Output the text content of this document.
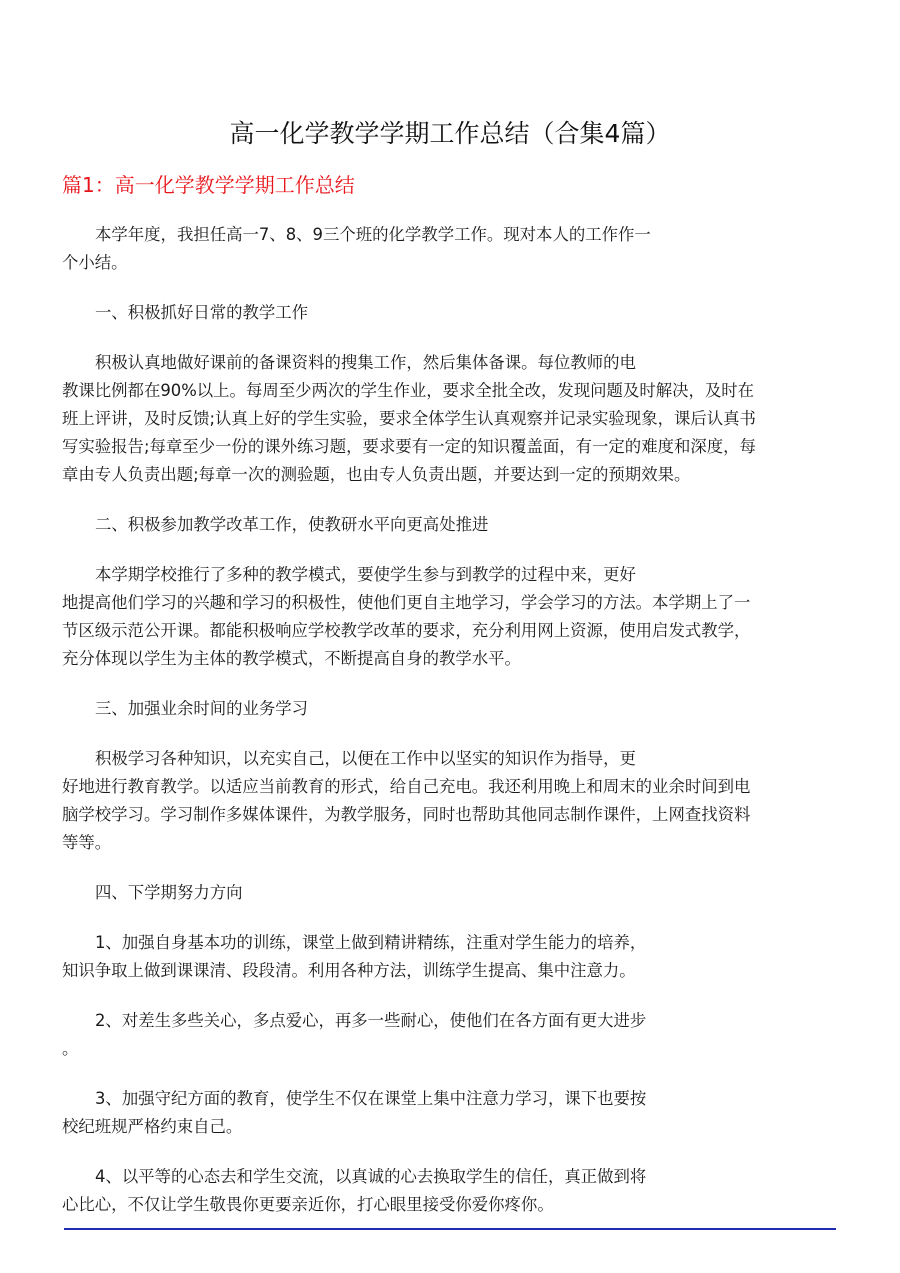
高一化学教学学期工作总结（合集4篇）
篇1：高一化学教学学期工作总结

本学年度，我担任高一7、8、9三个班的化学教学工作。现对本人的工作作一
个小结。

一、积极抓好日常的教学工作

积极认真地做好课前的备课资料的搜集工作，然后集体备课。每位教师的电
教课比例都在90%以上。每周至少两次的学生作业，要求全批全改，发现问题及时解决，及时在
班上评讲，及时反馈;认真上好的学生实验，要求全体学生认真观察并记录实验现象，课后认真书
写实验报告;每章至少一份的课外练习题，要求要有一定的知识覆盖面，有一定的难度和深度，每
章由专人负责出题;每章一次的测验题，也由专人负责出题，并要达到一定的预期效果。

二、积极参加教学改革工作，使教研水平向更高处推进

本学期学校推行了多种的教学模式，要使学生参与到教学的过程中来，更好
地提高他们学习的兴趣和学习的积极性，使他们更自主地学习，学会学习的方法。本学期上了一
节区级示范公开课。都能积极响应学校教学改革的要求，充分利用网上资源，使用启发式教学，
充分体现以学生为主体的教学模式，不断提高自身的教学水平。

三、加强业余时间的业务学习

积极学习各种知识，以充实自己，以便在工作中以坚实的知识作为指导，更
好地进行教育教学。以适应当前教育的形式，给自己充电。我还利用晚上和周末的业余时间到电
脑学校学习。学习制作多媒体课件，为教学服务，同时也帮助其他同志制作课件，上网查找资料
等等。

四、下学期努力方向

1、加强自身基本功的训练，课堂上做到精讲精练，注重对学生能力的培养，
知识争取上做到课课清、段段清。利用各种方法，训练学生提高、集中注意力。

2、对差生多些关心，多点爱心，再多一些耐心，使他们在各方面有更大进步
。

3、加强守纪方面的教育，使学生不仅在课堂上集中注意力学习，课下也要按
校纪班规严格约束自己。

4、以平等的心态去和学生交流，以真诚的心去换取学生的信任，真正做到将
心比心，不仅让学生敬畏你更要亲近你，打心眼里接受你爱你疼你。
